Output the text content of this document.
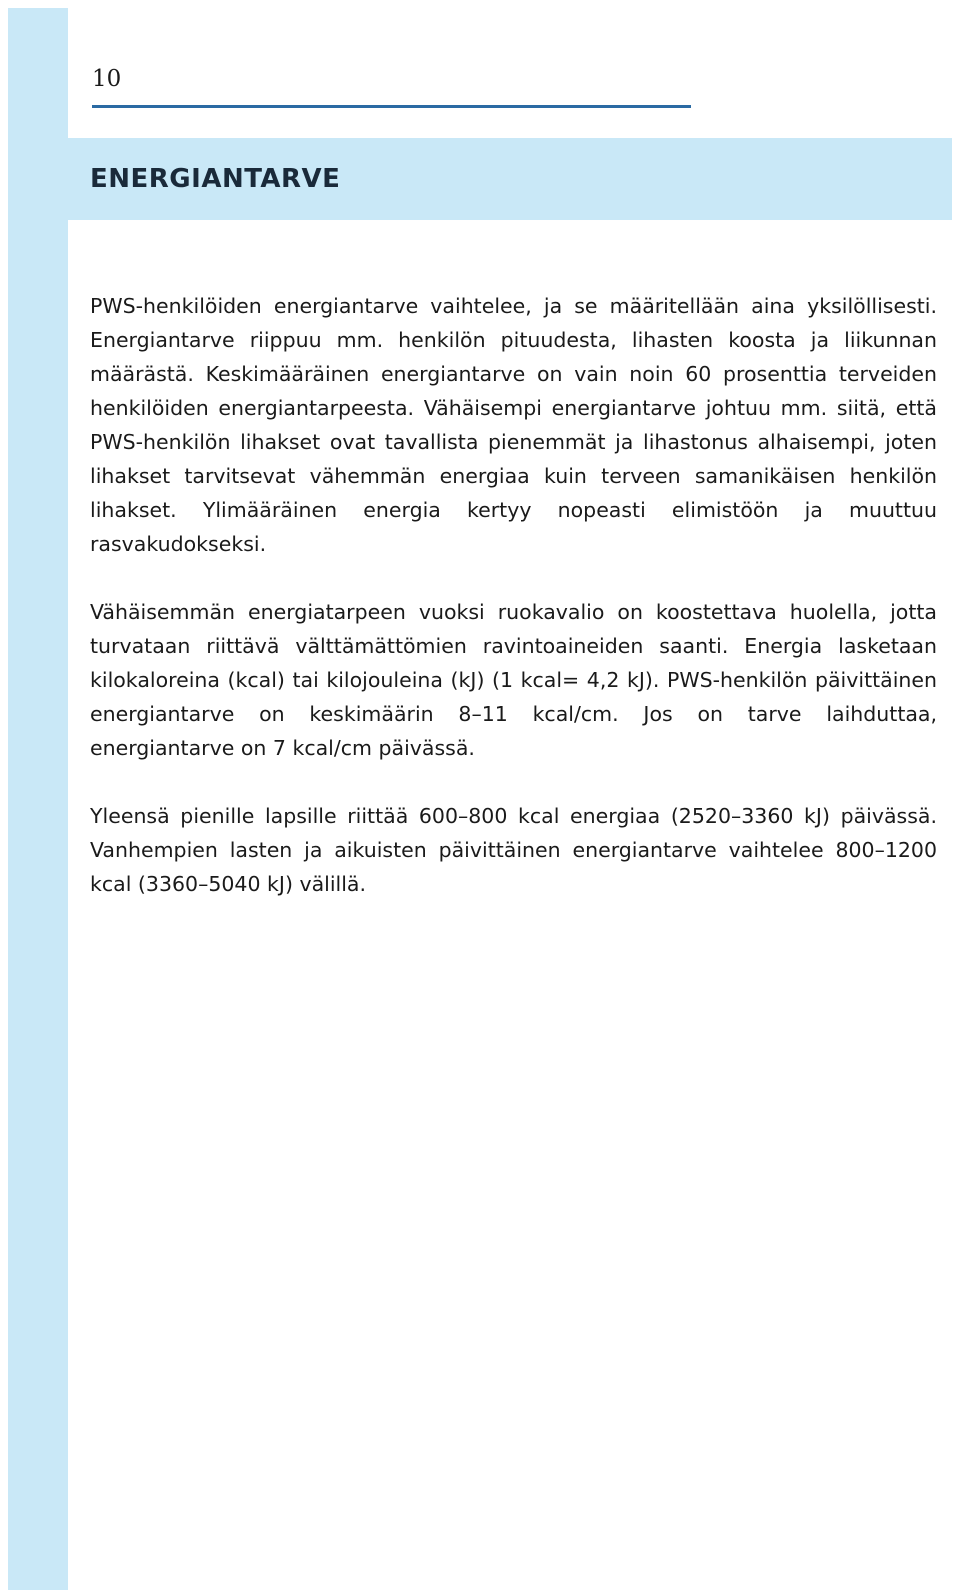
10
ENERGIANTARVE

PWS-henkilöiden energiantarve vaihtelee, ja se määritellään aina yksilöllisesti. Energiantarve riippuu mm. henkilön pituudesta, lihasten koosta ja liikunnan määrästä. Keskimääräinen energiantarve on vain noin 60 prosenttia terveiden henkilöiden energiantarpeesta. Vähäisempi energiantarve johtuu mm. siitä, että PWS-henkilön lihakset ovat tavallista pienemmät ja lihastonus alhaisempi, joten lihakset tarvitsevat vähemmän energiaa kuin terveen samanikäisen henkilön lihakset. Ylimääräinen energia kertyy nopeasti elimistöön ja muuttuu rasvakudokseksi.

Vähäisemmän energiatarpeen vuoksi ruokavalio on koostettava huolella, jotta turvataan riittävä välttämättömien ravintoaineiden saanti. Energia lasketaan kilokaloreina (kcal) tai kilojouleina (kJ) (1 kcal= 4,2 kJ). PWS-henkilön päivittäinen energiantarve on keskimäärin 8–11 kcal/cm. Jos on tarve laihduttaa, energiantarve on 7 kcal/cm päivässä.

Yleensä pienille lapsille riittää 600–800 kcal energiaa (2520–3360 kJ) päivässä. Vanhempien lasten ja aikuisten päivittäinen energiantarve vaihtelee 800–1200 kcal (3360–5040 kJ) välillä.
